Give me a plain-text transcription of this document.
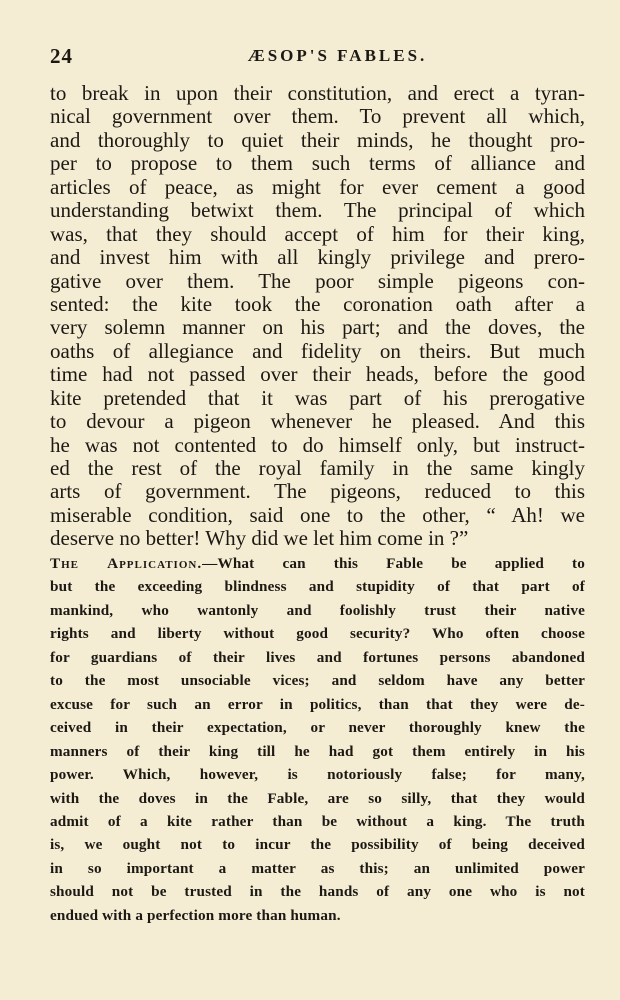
24	ÆSOP'S FABLES.
to break in upon their constitution, and erect a tyran-
nical government over them. To prevent all which,
and thoroughly to quiet their minds, he thought pro-
per to propose to them such terms of alliance and
articles of peace, as might for ever cement a good
understanding betwixt them. The principal of which
was, that they should accept of him for their king,
and invest him with all kingly privilege and prero-
gative over them. The poor simple pigeons con-
sented: the kite took the coronation oath after a
very solemn manner on his part; and the doves, the
oaths of allegiance and fidelity on theirs. But much
time had not passed over their heads, before the good
kite pretended that it was part of his prerogative
to devour a pigeon whenever he pleased. And this
he was not contented to do himself only, but instruct-
ed the rest of the royal family in the same kingly
arts of government. The pigeons, reduced to this
miserable condition, said one to the other, “ Ah! we
deserve no better! Why did we let him come in ?”
The Application.—What can this Fable be applied to
but the exceeding blindness and stupidity of that part of
mankind, who wantonly and foolishly trust their native
rights and liberty without good security? Who often choose
for guardians of their lives and fortunes persons abandoned
to the most unsociable vices; and seldom have any better
excuse for such an error in politics, than that they were de-
ceived in their expectation, or never thoroughly knew the
manners of their king till he had got them entirely in his
power. Which, however, is notoriously false; for many,
with the doves in the Fable, are so silly, that they would
admit of a kite rather than be without a king. The truth
is, we ought not to incur the possibility of being deceived
in so important a matter as this; an unlimited power
should not be trusted in the hands of any one who is not
endued with a perfection more than human.
